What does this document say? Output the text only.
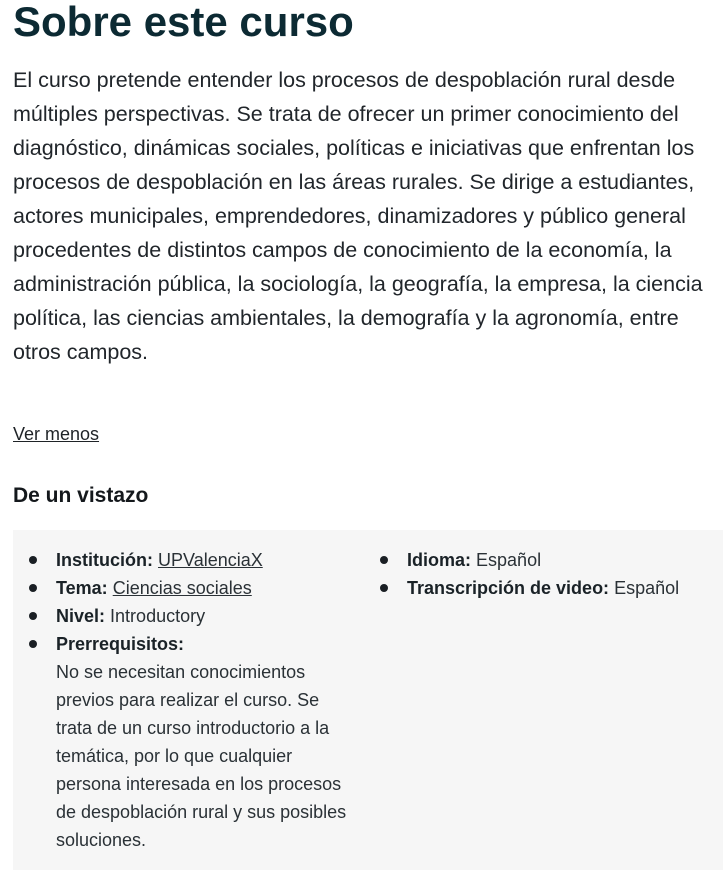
Sobre este curso

El curso pretende entender los procesos de despoblación rural desde múltiples perspectivas. Se trata de ofrecer un primer conocimiento del diagnóstico, dinámicas sociales, políticas e iniciativas que enfrentan los procesos de despoblación en las áreas rurales. Se dirige a estudiantes, actores municipales, emprendedores, dinamizadores y público general procedentes de distintos campos de conocimiento de la economía, la administración pública, la sociología, la geografía, la empresa, la ciencia política, las ciencias ambientales, la demografía y la agronomía, entre otros campos.

Ver menos
De un vistazo
Institución: UPValenciaX
Tema: Ciencias sociales
Nivel: Introductory
Prerrequisitos:
No se necesitan conocimientos previos para realizar el curso. Se trata de un curso introductorio a la temática, por lo que cualquier persona interesada en los procesos de despoblación rural y sus posibles soluciones.
Idioma: Español
Transcripción de video: Español
